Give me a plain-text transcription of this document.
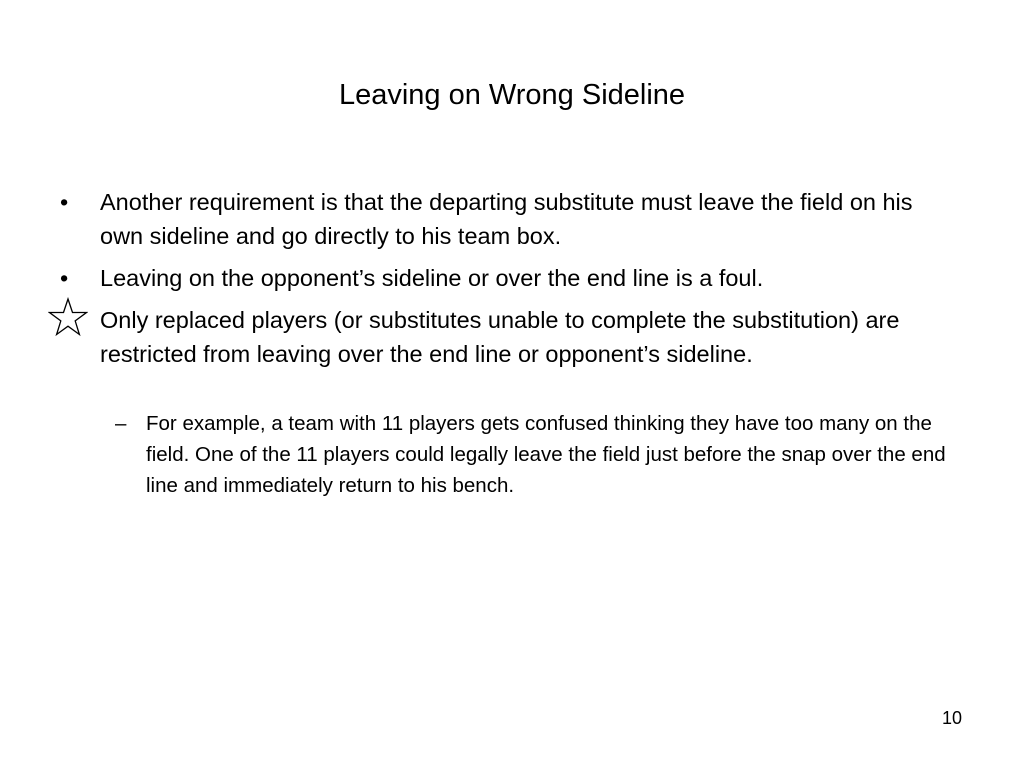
Leaving on Wrong Sideline
•	Another requirement is that the departing substitute must leave the field on his own sideline and go directly to his team box.
•	Leaving on the opponent’s sideline or over the end line is a foul.
Only replaced players (or substitutes unable to complete the substitution) are restricted from leaving over the end line or opponent’s sideline.
– For example, a team with 11 players gets confused thinking they have too many on the field. One of the 11 players could legally leave the field just before the snap over the end line and immediately return to his bench.
10
